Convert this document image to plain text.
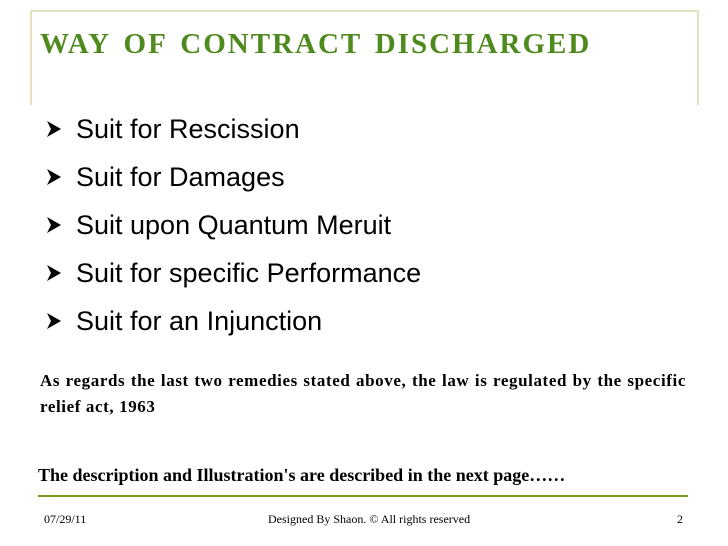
way of contract discharged
Suit for Rescission
Suit for Damages
Suit upon Quantum Meruit
Suit for specific Performance
Suit for an Injunction
As regards the last two remedies stated above, the law is regulated by the specific relief act, 1963
The description and Illustration's are described in the next page……
07/29/11	Designed By Shaon. © All rights reserved	2
